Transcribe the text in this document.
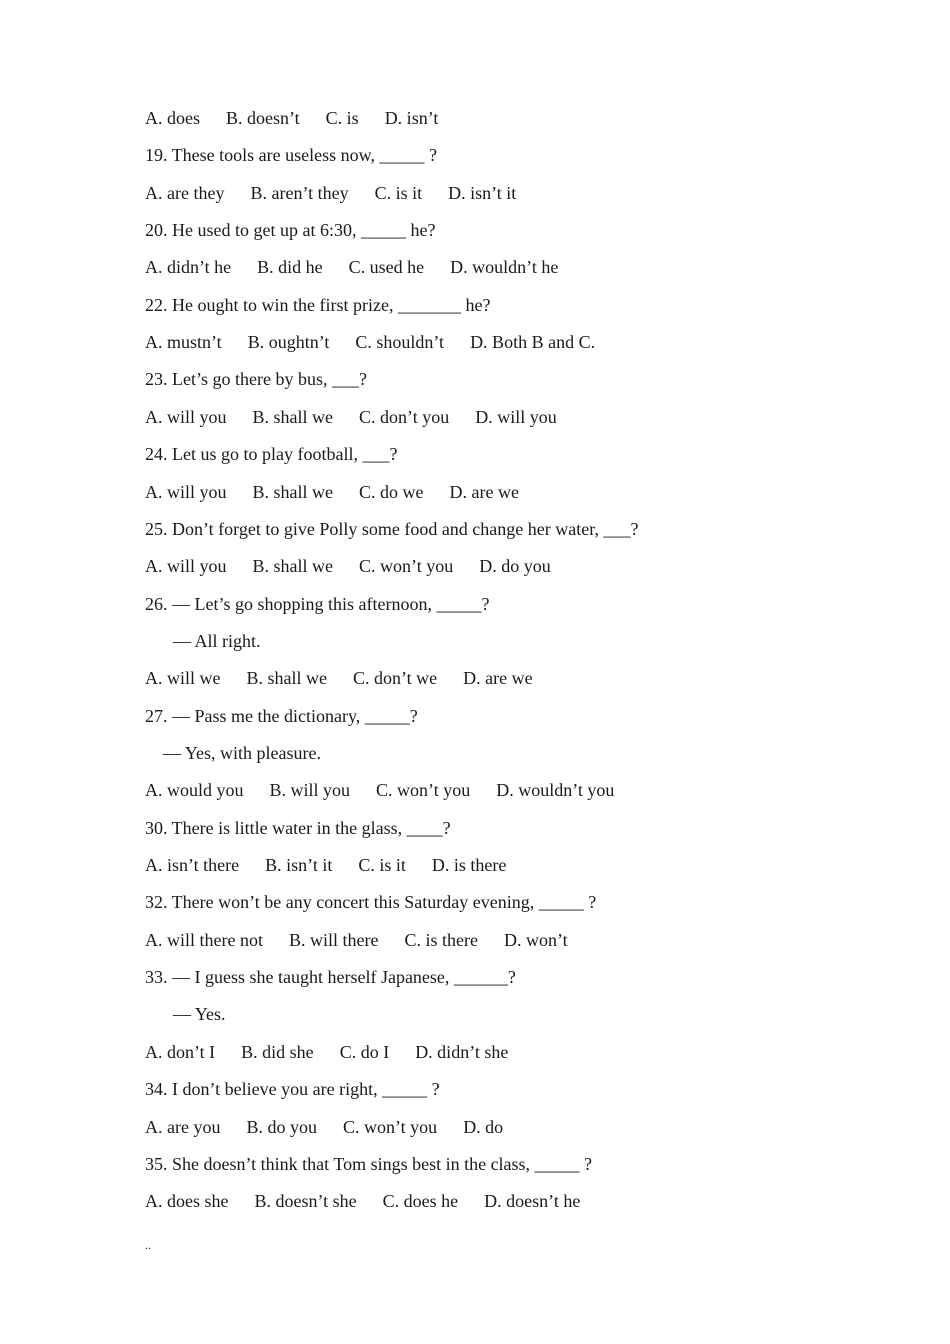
A. does B. doesn’t C. is D. isn’t
19. These tools are useless now, _____ ?
A. are they B. aren’t they C. is it D. isn’t it
20. He used to get up at 6:30, _____ he?
A. didn’t he B. did he C. used he D. wouldn’t he
22. He ought to win the first prize, _______ he?
A. mustn’t B. oughtn’t C. shouldn’t D. Both B and C.
23. Let’s go there by bus, ___?
A. will you B. shall we C. don’t you D. will you
24. Let us go to play football, ___?
A. will you B. shall we C. do we D. are we
25. Don’t forget to give Polly some food and change her water, ___?
A. will you B. shall we C. won’t you D. do you
26. — Let’s go shopping this afternoon, _____?
— All right.
A. will we B. shall we C. don’t we D. are we
27. — Pass me the dictionary, _____?
— Yes, with pleasure.
A. would you B. will you C. won’t you D. wouldn’t you
30. There is little water in the glass, ____?
A. isn’t there B. isn’t it C. is it D. is there
32. There won’t be any concert this Saturday evening, _____ ?
A. will there not B. will there C. is there D. won’t
33. — I guess she taught herself Japanese, ______?
— Yes.
A. don’t I B. did she C. do I D. didn’t she
34. I don’t believe you are right, _____ ?
A. are you B. do you C. won’t you D. do
35. She doesn’t think that Tom sings best in the class, _____ ?
A. does she B. doesn’t she C. does he D. doesn’t he
..
